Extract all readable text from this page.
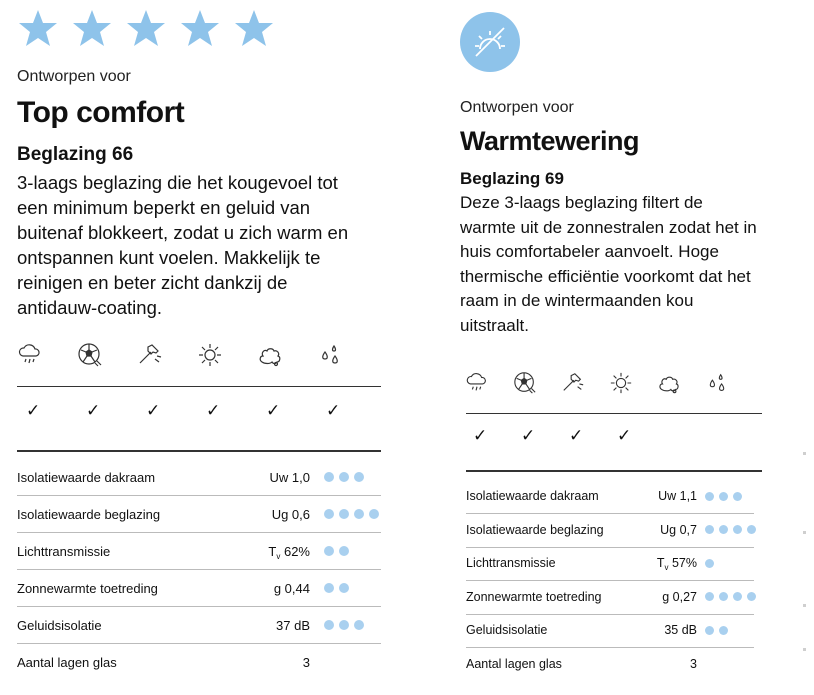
Ontworpen voor
Top comfort
Beglazing 66
3-laags beglazing die het kougevoel tot een minimum beperkt en geluid van buitenaf blokkeert, zodat u zich warm en ontspannen kunt voelen. Makkelijk te reinigen en beter zicht dankzij de antidauw-coating.
✓	✓	✓	✓	✓	✓
Isolatiewaarde dakraam	Uw 1,0
Isolatiewaarde beglazing	Ug 0,6
Lichttransmissie	$T_v$ 62%
Zonnewarmte toetreding	g 0,44
Geluidsisolatie	37 dB
Aantal lagen glas	3
Ontworpen voor
Warmtewering
Beglazing 69
Deze 3-laags beglazing filtert de warmte uit de zonnestralen zodat het in huis comfortabeler aanvoelt. Hoge thermische efficiëntie voorkomt dat het raam in de wintermaanden kou uitstraalt.
✓	✓	✓	✓
Isolatiewaarde dakraam	Uw 1,1
Isolatiewaarde beglazing	Ug 0,7
Lichttransmissie	$T_v$ 57%
Zonnewarmte toetreding	g 0,27
Geluidsisolatie	35 dB
Aantal lagen glas	3
